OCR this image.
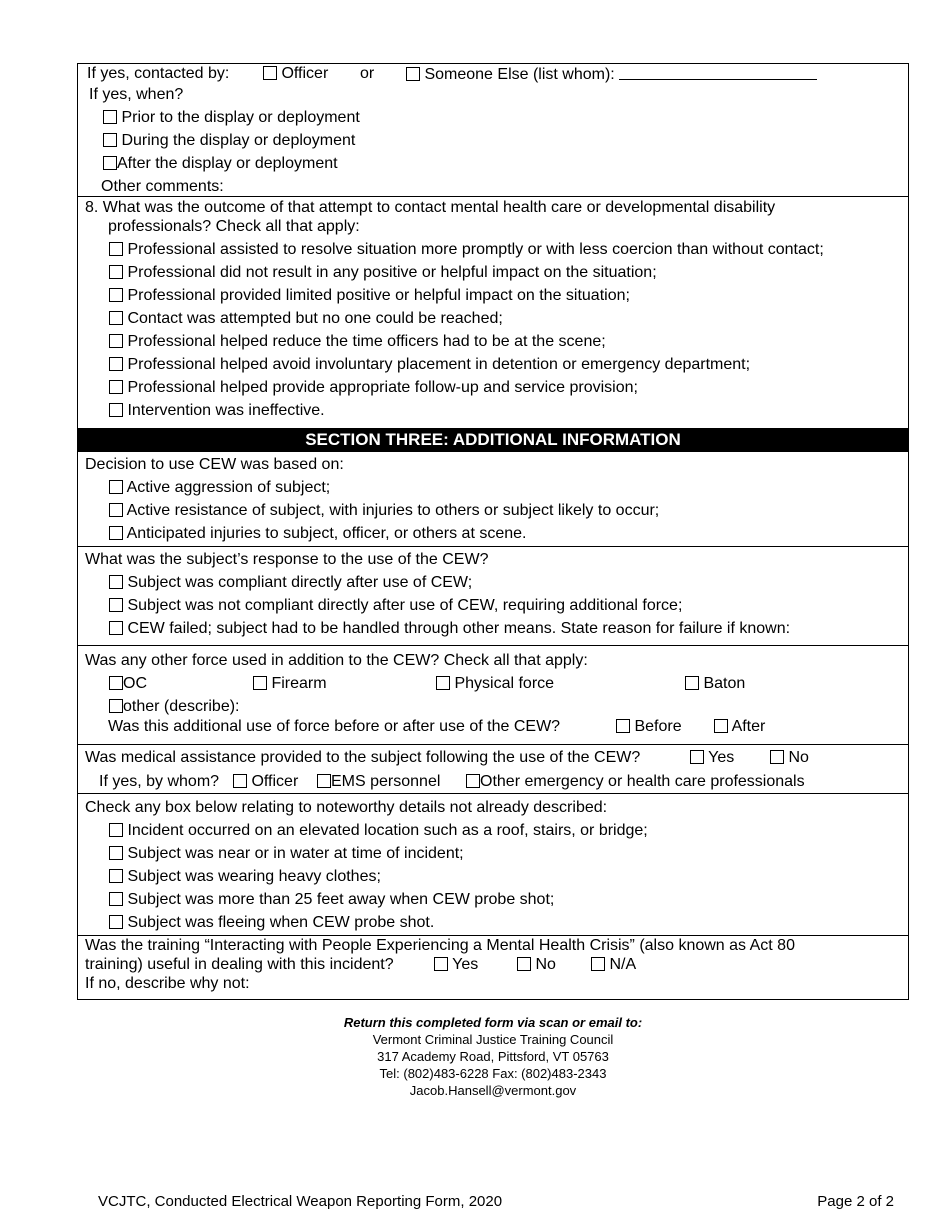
If yes, contacted by:	Officer or	Someone Else (list whom):
If yes, when?
Prior to the display or deployment
During the display or deployment
After the display or deployment
Other comments:
8. What was the outcome of that attempt to contact mental health care or developmental disability
professionals? Check all that apply:
Professional assisted to resolve situation more promptly or with less coercion than without contact;
Professional did not result in any positive or helpful impact on the situation;
Professional provided limited positive or helpful impact on the situation;
Contact was attempted but no one could be reached;
Professional helped reduce the time officers had to be at the scene;
Professional helped avoid involuntary placement in detention or emergency department;
Professional helped provide appropriate follow-up and service provision;
Intervention was ineffective.
SECTION THREE: ADDITIONAL INFORMATION
Decision to use CEW was based on:
Active aggression of subject;
Active resistance of subject, with injuries to others or subject likely to occur;
Anticipated injuries to subject, officer, or others at scene.
What was the subject’s response to the use of the CEW?
Subject was compliant directly after use of CEW;
Subject was not compliant directly after use of CEW, requiring additional force;
CEW failed; subject had to be handled through other means. State reason for failure if known:
Was any other force used in addition to the CEW? Check all that apply:
OC	Firearm	Physical force	Baton
other (describe):
Was this additional use of force before or after use of the CEW?	Before	After
Was medical assistance provided to the subject following the use of the CEW?	Yes	No
If yes, by whom?	Officer	EMS personnel	Other emergency or health care professionals
Check any box below relating to noteworthy details not already described:
Incident occurred on an elevated location such as a roof, stairs, or bridge;
Subject was near or in water at time of incident;
Subject was wearing heavy clothes;
Subject was more than 25 feet away when CEW probe shot;
Subject was fleeing when CEW probe shot.
Was the training “Interacting with People Experiencing a Mental Health Crisis” (also known as Act 80
training) useful in dealing with this incident?	Yes	No	N/A
If no, describe why not:
Return this completed form via scan or email to:
Vermont Criminal Justice Training Council
317 Academy Road, Pittsford, VT 05763
Tel: (802)483-6228 Fax: (802)483-2343
Jacob.Hansell@vermont.gov
VCJTC, Conducted Electrical Weapon Reporting Form, 2020	Page 2 of 2
